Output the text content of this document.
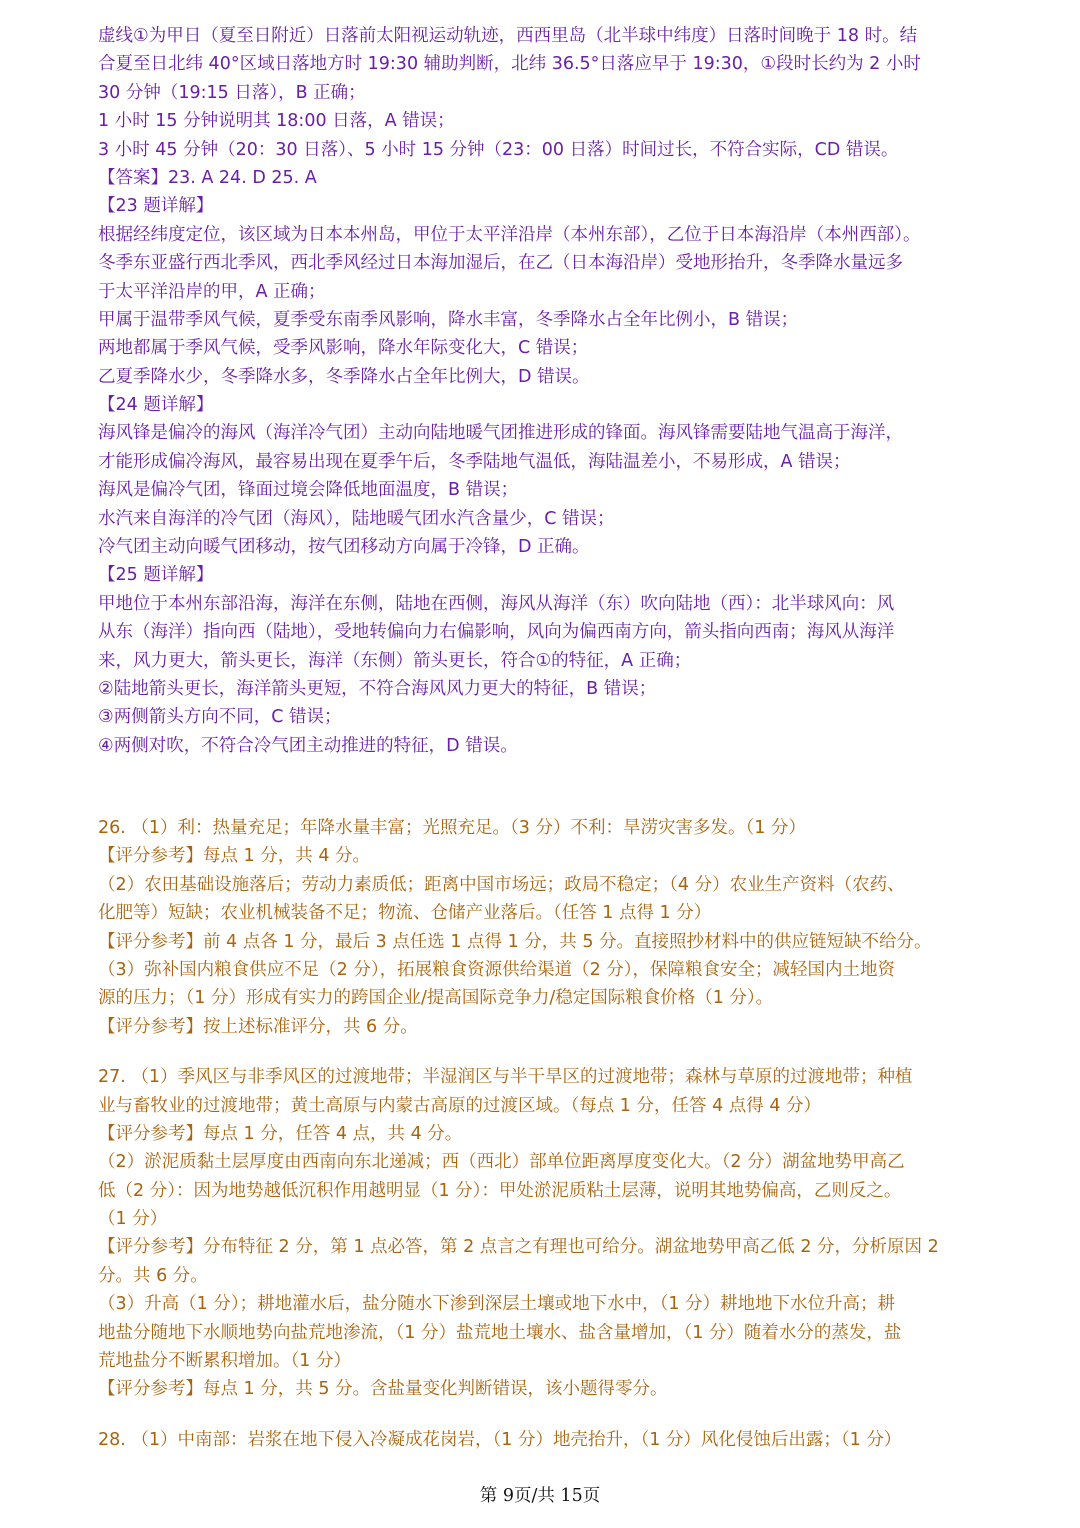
虚线①为甲日（夏至日附近）日落前太阳视运动轨迹，西西里岛（北半球中纬度）日落时间晚于 18 时。结
合夏至日北纬 40°区域日落地方时 19:30 辅助判断，北纬 36.5°日落应早于 19:30，①段时长约为 2 小时
30 分钟（19:15 日落），B 正确；
1 小时 15 分钟说明其 18:00 日落，A 错误；
3 小时 45 分钟（20：30 日落）、5 小时 15 分钟（23：00 日落）时间过长，不符合实际，CD 错误。
【答案】23. A 24. D 25. A
【23 题详解】
根据经纬度定位，该区域为日本本州岛，甲位于太平洋沿岸（本州东部），乙位于日本海沿岸（本州西部）。
冬季东亚盛行西北季风，西北季风经过日本海加湿后，在乙（日本海沿岸）受地形抬升，冬季降水量远多
于太平洋沿岸的甲，A 正确；
甲属于温带季风气候，夏季受东南季风影响，降水丰富，冬季降水占全年比例小，B 错误；
两地都属于季风气候，受季风影响，降水年际变化大，C 错误；
乙夏季降水少，冬季降水多，冬季降水占全年比例大，D 错误。
【24 题详解】
海风锋是偏冷的海风（海洋冷气团）主动向陆地暖气团推进形成的锋面。海风锋需要陆地气温高于海洋，
才能形成偏冷海风，最容易出现在夏季午后，冬季陆地气温低，海陆温差小，不易形成，A 错误；
海风是偏冷气团，锋面过境会降低地面温度，B 错误；
水汽来自海洋的冷气团（海风），陆地暖气团水汽含量少，C 错误；
冷气团主动向暖气团移动，按气团移动方向属于冷锋，D 正确。
【25 题详解】
甲地位于本州东部沿海，海洋在东侧，陆地在西侧，海风从海洋（东）吹向陆地（西）：北半球风向：风
从东（海洋）指向西（陆地），受地转偏向力右偏影响，风向为偏西南方向，箭头指向西南；海风从海洋
来，风力更大，箭头更长，海洋（东侧）箭头更长，符合①的特征，A 正确；
②陆地箭头更长，海洋箭头更短，不符合海风风力更大的特征，B 错误；
③两侧箭头方向不同，C 错误；
④两侧对吹，不符合冷气团主动推进的特征，D 错误。
26. （1）利：热量充足；年降水量丰富；光照充足。（3 分）不利：旱涝灾害多发。（1 分）
【评分参考】每点 1 分，共 4 分。
（2）农田基础设施落后；劳动力素质低；距离中国市场远；政局不稳定；（4 分）农业生产资料（农药、
化肥等）短缺；农业机械装备不足；物流、仓储产业落后。（任答 1 点得 1 分）
【评分参考】前 4 点各 1 分，最后 3 点任选 1 点得 1 分，共 5 分。直接照抄材料中的供应链短缺不给分。
（3）弥补国内粮食供应不足（2 分），拓展粮食资源供给渠道（2 分），保障粮食安全；减轻国内土地资
源的压力；（1 分）形成有实力的跨国企业/提高国际竞争力/稳定国际粮食价格（1 分）。
【评分参考】按上述标准评分，共 6 分。
27. （1）季风区与非季风区的过渡地带；半湿润区与半干旱区的过渡地带；森林与草原的过渡地带；种植
业与畜牧业的过渡地带；黄土高原与内蒙古高原的过渡区域。（每点 1 分，任答 4 点得 4 分）
【评分参考】每点 1 分，任答 4 点，共 4 分。
（2）淤泥质黏土层厚度由西南向东北递减；西（西北）部单位距离厚度变化大。（2 分）湖盆地势甲高乙
低（2 分）：因为地势越低沉积作用越明显（1 分）：甲处淤泥质粘土层薄，说明其地势偏高，乙则反之。
（1 分）
【评分参考】分布特征 2 分，第 1 点必答，第 2 点言之有理也可给分。湖盆地势甲高乙低 2 分，分析原因 2
分。共 6 分。
（3）升高（1 分）；耕地灌水后，盐分随水下渗到深层土壤或地下水中，（1 分）耕地地下水位升高；耕
地盐分随地下水顺地势向盐荒地渗流，（1 分）盐荒地土壤水、盐含量增加，（1 分）随着水分的蒸发，盐
荒地盐分不断累积增加。（1 分）
【评分参考】每点 1 分，共 5 分。含盐量变化判断错误，该小题得零分。
28. （1）中南部：岩浆在地下侵入冷凝成花岗岩，（1 分）地壳抬升，（1 分）风化侵蚀后出露；（1 分）
第 9页/共 15页
